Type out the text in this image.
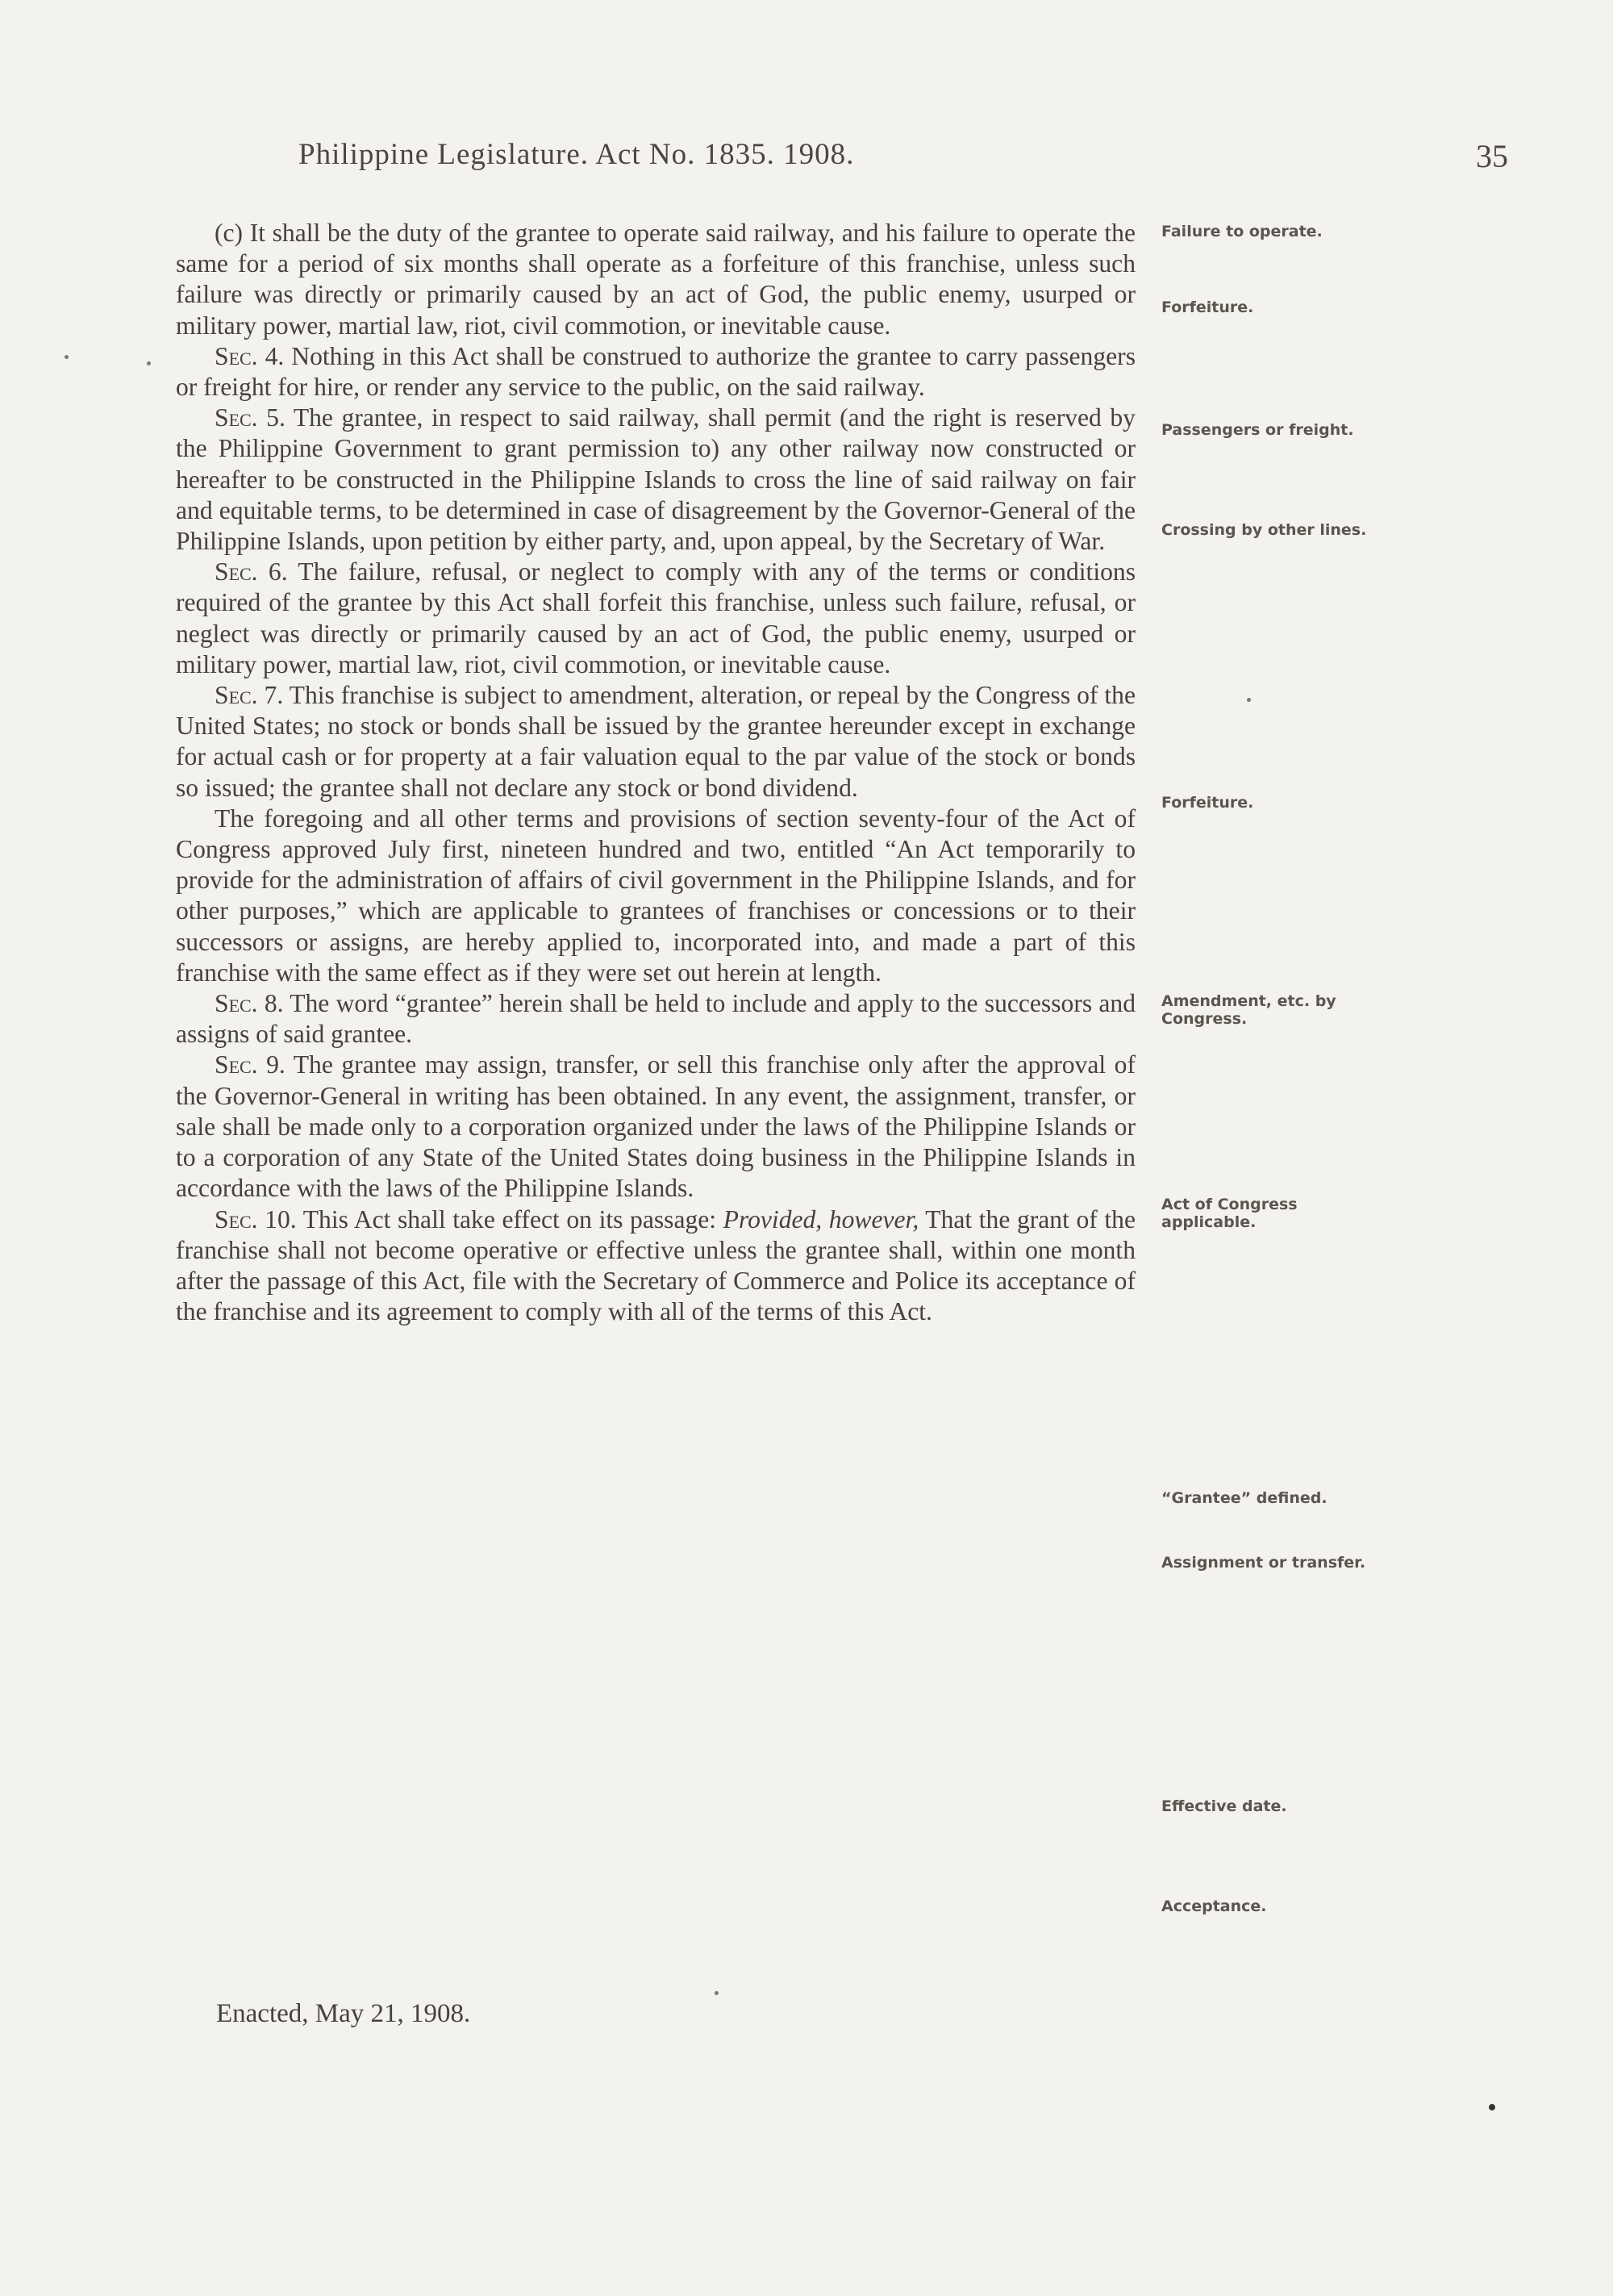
Philippine Legislature. Act No. 1835. 1908.	35

(c) It shall be the duty of the grantee to operate said railway, and his failure to operate the same for a period of six months shall operate as a forfeiture of this franchise, unless such failure was directly or primarily caused by an act of God, the public enemy, usurped or military power, martial law, riot, civil commotion, or inevitable cause.

Sec. 4. Nothing in this Act shall be construed to authorize the grantee to carry passengers or freight for hire, or render any service to the public, on the said railway.

Sec. 5. The grantee, in respect to said railway, shall permit (and the right is reserved by the Philippine Government to grant permission to) any other railway now constructed or hereafter to be constructed in the Philippine Islands to cross the line of said railway on fair and equitable terms, to be determined in case of disagreement by the Governor-General of the Philippine Islands, upon petition by either party, and, upon appeal, by the Secretary of War.

Sec. 6. The failure, refusal, or neglect to comply with any of the terms or conditions required of the grantee by this Act shall forfeit this franchise, unless such failure, refusal, or neglect was directly or primarily caused by an act of God, the public enemy, usurped or military power, martial law, riot, civil commotion, or inevitable cause.

Sec. 7. This franchise is subject to amendment, alteration, or repeal by the Congress of the United States; no stock or bonds shall be issued by the grantee hereunder except in exchange for actual cash or for property at a fair valuation equal to the par value of the stock or bonds so issued; the grantee shall not declare any stock or bond dividend.

The foregoing and all other terms and provisions of section seventy-four of the Act of Congress approved July first, nineteen hundred and two, entitled “An Act temporarily to provide for the administration of affairs of civil government in the Philippine Islands, and for other purposes,” which are applicable to grantees of franchises or concessions or to their successors or assigns, are hereby applied to, incorporated into, and made a part of this franchise with the same effect as if they were set out herein at length.

Sec. 8. The word “grantee” herein shall be held to include and apply to the successors and assigns of said grantee.

Sec. 9. The grantee may assign, transfer, or sell this franchise only after the approval of the Governor-General in writing has been obtained. In any event, the assignment, transfer, or sale shall be made only to a corporation organized under the laws of the Philippine Islands or to a corporation of any State of the United States doing business in the Philippine Islands in accordance with the laws of the Philippine Islands.

Sec. 10. This Act shall take effect on its passage: Provided, however, That the grant of the franchise shall not become operative or effective unless the grantee shall, within one month after the passage of this Act, file with the Secretary of Commerce and Police its acceptance of the franchise and its agreement to comply with all of the terms of this Act.

Enacted, May 21, 1908.
Failure to operate.
Forfeiture.
Passengers or freight.
Crossing by other lines.
Forfeiture.
Amendment, etc. by Congress.
Act of Congress applicable.
“Grantee” defined.
Assignment or transfer.
Effective date.
Acceptance.
